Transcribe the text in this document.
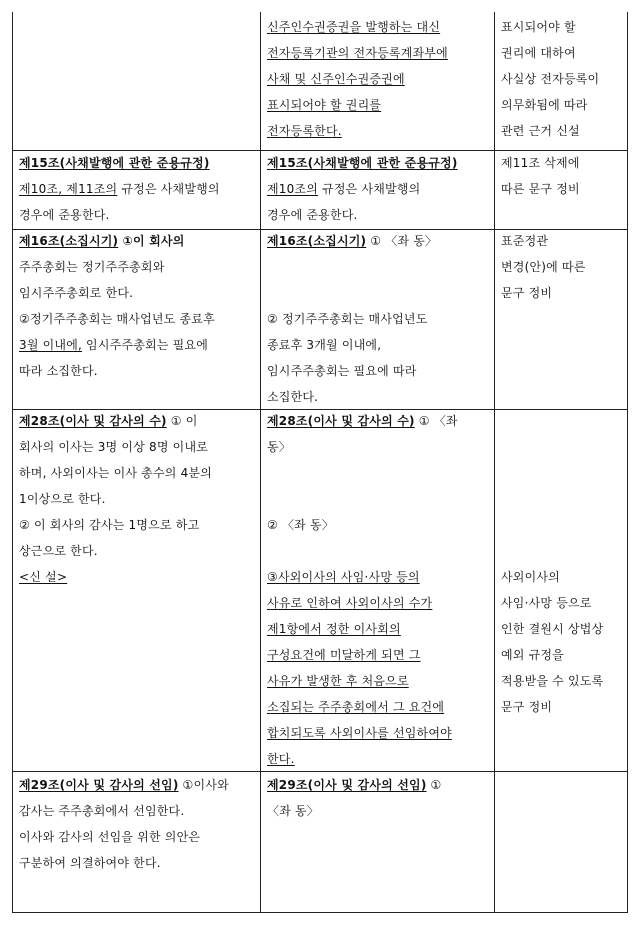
신주인수권증권을 발행하는 대신
전자등록기관의 전자등록계좌부에
사채 및 신주인수권증권에
표시되어야 할 권리를
전자등록한다.
표시되어야 할
권리에 대하여
사실상 전자등록이
의무화됨에 따라
관련 근거 신설
제15조(사채발행에 관한 준용규정)
제10조, 제11조의 규정은 사채발행의
경우에 준용한다.
제15조(사채발행에 관한 준용규정)
제10조의 규정은 사채발행의
경우에 준용한다.
제11조 삭제에
따른 문구 정비
제16조(소집시기) ①이 회사의
주주총회는 정기주주총회와
임시주주총회로 한다.
②정기주주총회는 매사업년도 종료후
3월 이내에, 임시주주총회는 필요에
따라 소집한다.
제16조(소집시기) ① 〈좌 동〉
② 정기주주총회는 매사업년도
종료후 3개월 이내에,
임시주주총회는 필요에 따라
소집한다.
표준정관
변경(안)에 따른
문구 정비
제28조(이사 및 감사의 수) ① 이
회사의 이사는 3명 이상 8명 이내로
하며, 사외이사는 이사 총수의 4분의
1이상으로 한다.
② 이 회사의 감사는 1명으로 하고
상근으로 한다.
<신 설>
제28조(이사 및 감사의 수) ① 〈좌
동〉
② 〈좌 동〉
③사외이사의 사임·사망 등의
사유로 인하여 사외이사의 수가
제1항에서 정한 이사회의
구성요건에 미달하게 되면 그
사유가 발생한 후 처음으로
소집되는 주주총회에서 그 요건에
합치되도록 사외이사를 선임하여야
한다.
사외이사의
사임·사망 등으로
인한 결원시 상법상
예외 규정을
적용받을 수 있도록
문구 정비
제29조(이사 및 감사의 선임) ①이사와
감사는 주주총회에서 선임한다.
이사와 감사의 선임을 위한 의안은
구분하여 의결하여야 한다.
제29조(이사 및 감사의 선임) ①
〈좌 동〉
